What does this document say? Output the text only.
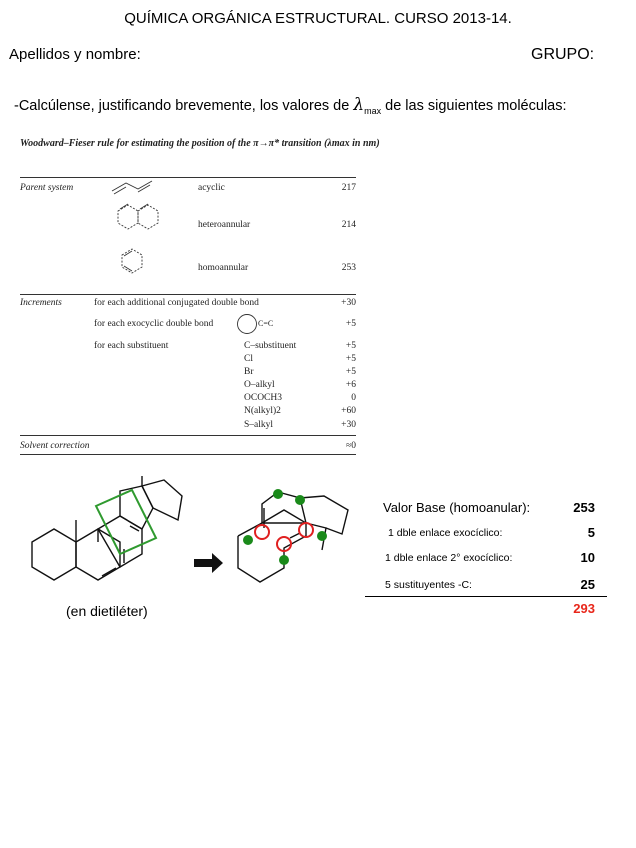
QUÍMICA ORGÁNICA ESTRUCTURAL. CURSO 2013-14.
Apellidos y nombre:	GRUPO:
-Calcúlense, justificando brevemente, los valores de $\lambda_{max}$ de las siguientes moléculas:
Woodward–Fieser rule for estimating the position of the π→π* transition (λmax in nm)
Parent system	acyclic	217
heteroannular	214
homoannular	253
Increments	for each additional conjugated double bond	+30
for each exocyclic double bond	C=C	+5
for each substituent	C–substituent	+5
Cl	+5
Br	+5
O–alkyl	+6
OCOCH3	0
N(alkyl)2	+60
S–alkyl	+30
Solvent correction	≈0
(en dietiléter)
Valor Base (homoanular):	253
1 dble enlace exocíclico:	5
1 dble enlace 2° exocíclico:	10
5 sustituyentes -C:	25
293
